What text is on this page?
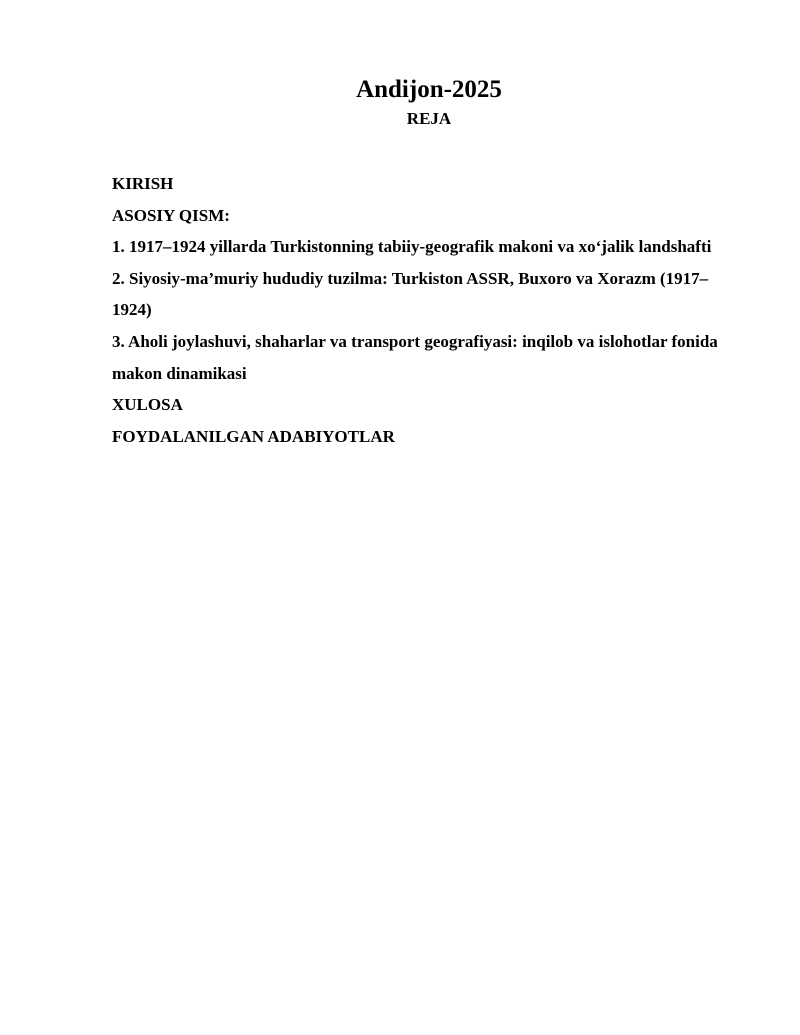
Andijon-2025
REJA

KIRISH

ASOSIY QISM:

1. 1917–1924 yillarda Turkistonning tabiiy-geografik makoni va xo‘jalik landshafti

2. Siyosiy-ma’muriy hududiy tuzilma: Turkiston ASSR, Buxoro va Xorazm (1917–1924)

3. Aholi joylashuvi, shaharlar va transport geografiyasi: inqilob va islohotlar fonida makon dinamikasi

XULOSA

FOYDALANILGAN ADABIYOTLAR
